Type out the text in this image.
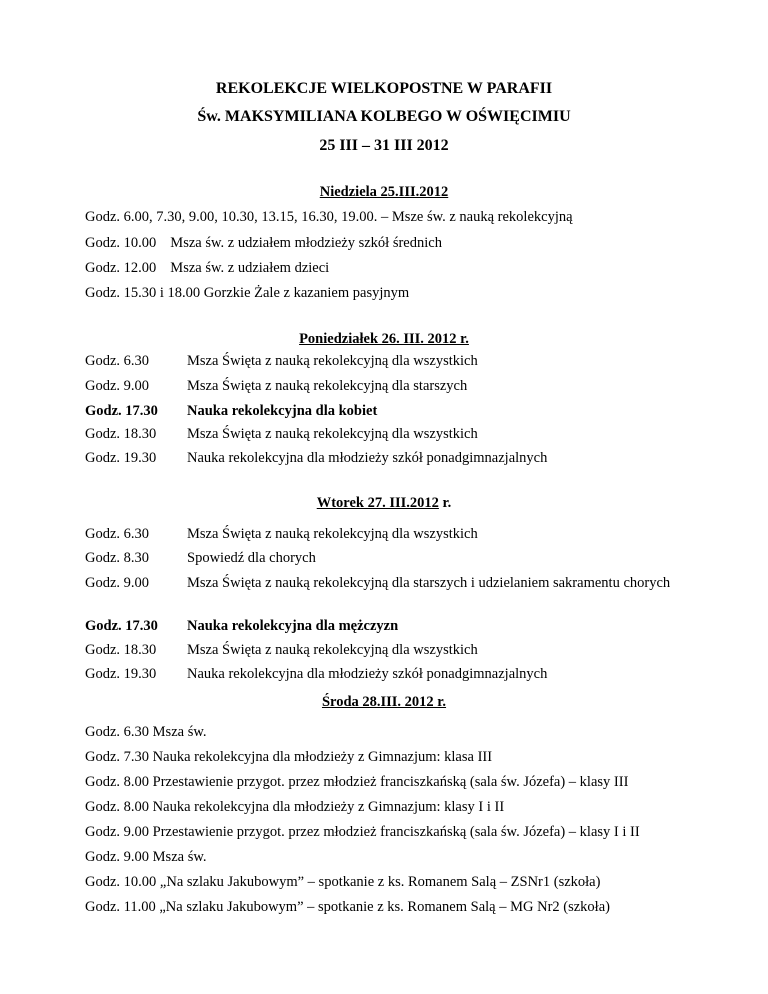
REKOLEKCJE WIELKOPOSTNE W PARAFII
Św. MAKSYMILIANA KOLBEGO W OŚWIĘCIMIU
25 III – 31 III 2012
Niedziela 25.III.2012
Godz. 6.00, 7.30, 9.00, 10.30, 13.15, 16.30, 19.00. – Msze św. z nauką rekolekcyjną
Godz. 10.00 Msza św. z udziałem młodzieży szkół średnich
Godz. 12.00 Msza św. z udziałem dzieci
Godz. 15.30 i 18.00 Gorzkie Żale z kazaniem pasyjnym
Poniedziałek 26. III. 2012 r.
Godz. 6.30	Msza Święta z nauką rekolekcyjną dla wszystkich
Godz. 9.00	Msza Święta z nauką rekolekcyjną dla starszych
Godz. 17.30 Nauka rekolekcyjna dla kobiet
Godz. 18.30 Msza Święta z nauką rekolekcyjną dla wszystkich
Godz. 19.30 Nauka rekolekcyjna dla młodzieży szkół ponadgimnazjalnych
Wtorek 27. III.2012 r.
Godz. 6.30	Msza Święta z nauką rekolekcyjną dla wszystkich
Godz. 8.30	Spowiedź dla chorych
Godz. 9.00	Msza Święta z nauką rekolekcyjną dla starszych i udzielaniem sakramentu chorych
Godz. 17.30 Nauka rekolekcyjna dla mężczyzn
Godz. 18.30 Msza Święta z nauką rekolekcyjną dla wszystkich
Godz. 19.30 Nauka rekolekcyjna dla młodzieży szkół ponadgimnazjalnych
Środa 28.III. 2012 r.
Godz. 6.30 Msza św.
Godz. 7.30 Nauka rekolekcyjna dla młodzieży z Gimnazjum: klasa III
Godz. 8.00 Przestawienie przygot. przez młodzież franciszkańską (sala św. Józefa) – klasy III
Godz. 8.00 Nauka rekolekcyjna dla młodzieży z Gimnazjum: klasy I i II
Godz. 9.00 Przestawienie przygot. przez młodzież franciszkańską (sala św. Józefa) – klasy I i II
Godz. 9.00 Msza św.
Godz. 10.00 „Na szlaku Jakubowym” – spotkanie z ks. Romanem Salą – ZSNr1 (szkoła)
Godz. 11.00 „Na szlaku Jakubowym” – spotkanie z ks. Romanem Salą – MG Nr2 (szkoła)
